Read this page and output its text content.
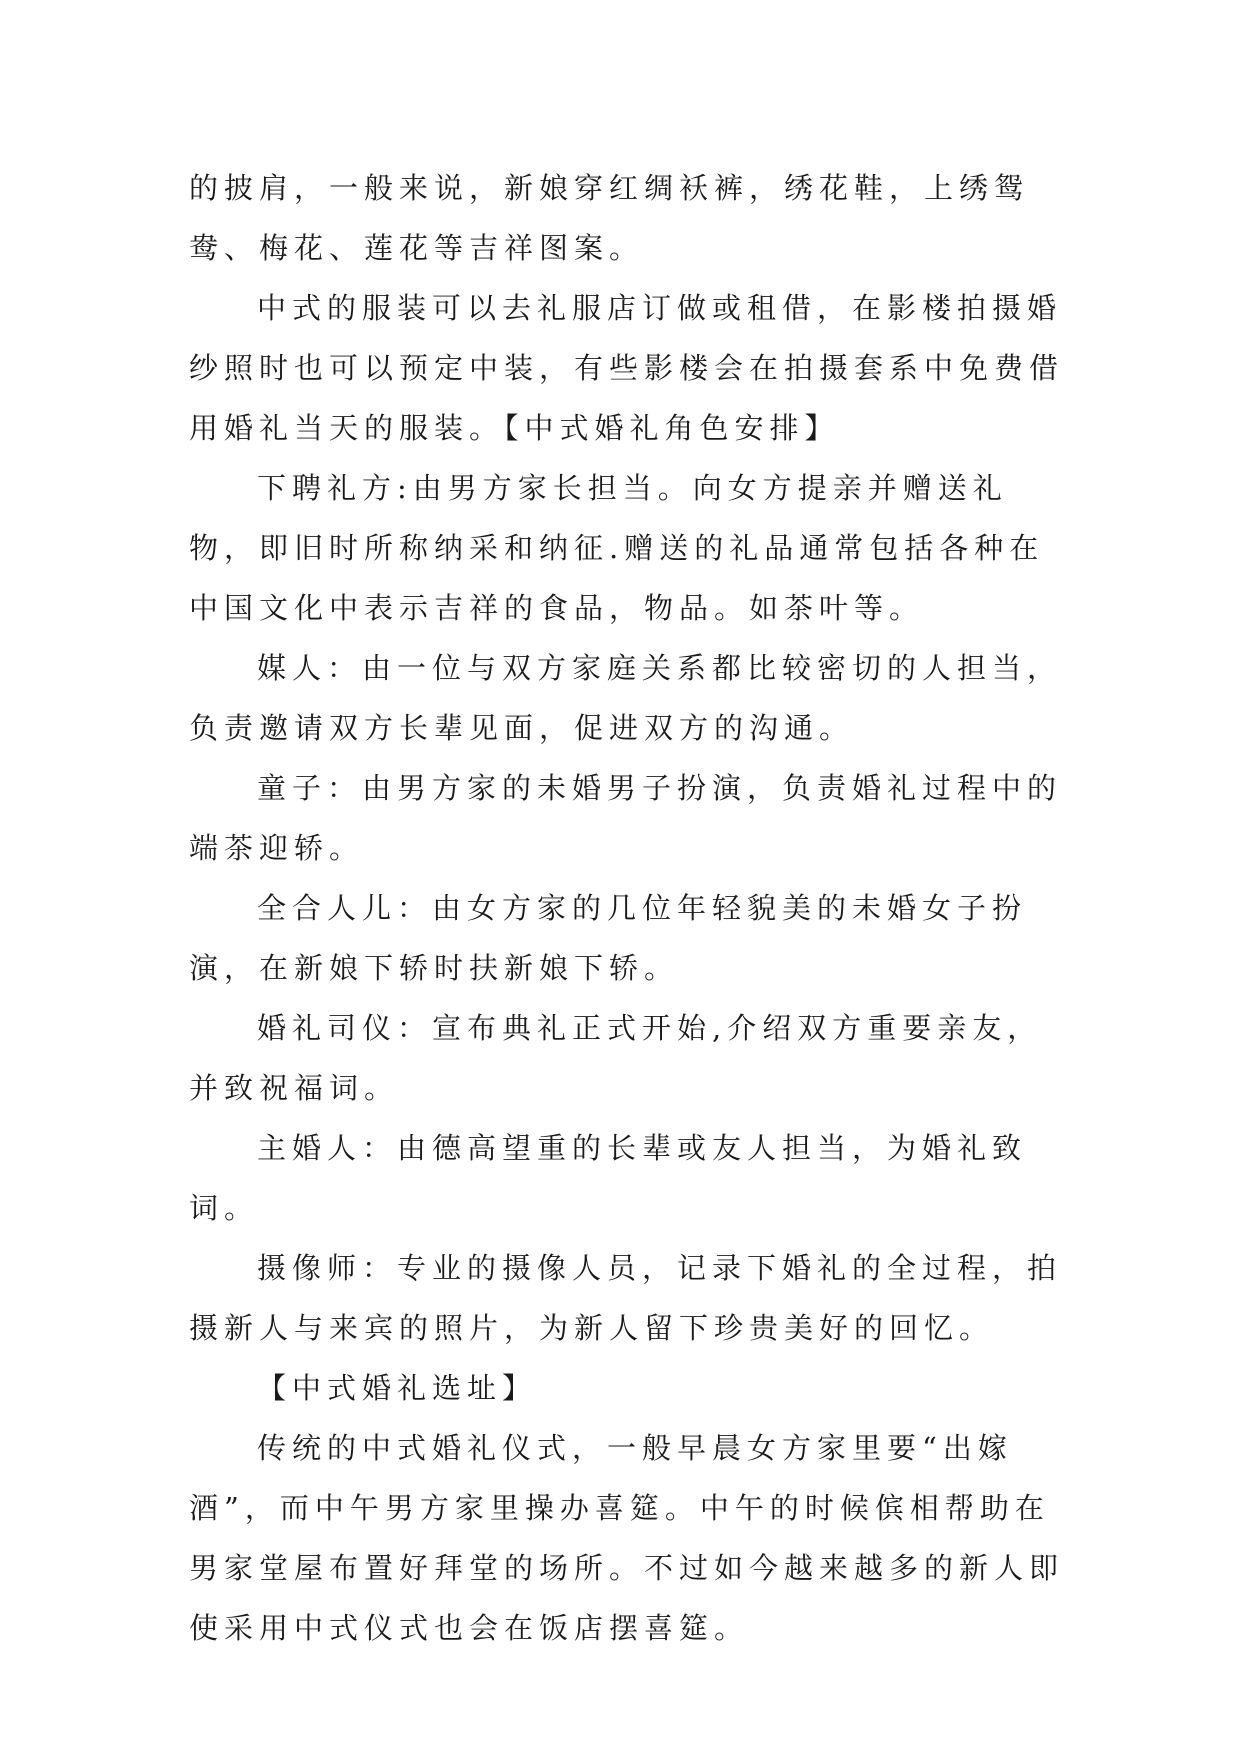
的披肩，一般来说，新娘穿红绸袄裤，绣花鞋，上绣鸳鸯、梅花、莲花等吉祥图案。

中式的服装可以去礼服店订做或租借，在影楼拍摄婚纱照时也可以预定中装，有些影楼会在拍摄套系中免费借用婚礼当天的服装。【中式婚礼角色安排】

下聘礼方:由男方家长担当。向女方提亲并赠送礼物，即旧时所称纳采和纳征.赠送的礼品通常包括各种在中国文化中表示吉祥的食品，物品。如茶叶等。

媒人：由一位与双方家庭关系都比较密切的人担当，负责邀请双方长辈见面，促进双方的沟通。

童子：由男方家的未婚男子扮演，负责婚礼过程中的端茶迎轿。

全合人儿：由女方家的几位年轻貌美的未婚女子扮演，在新娘下轿时扶新娘下轿。

婚礼司仪：宣布典礼正式开始,介绍双方重要亲友，并致祝福词。

主婚人：由德高望重的长辈或友人担当，为婚礼致词。

摄像师：专业的摄像人员，记录下婚礼的全过程，拍摄新人与来宾的照片，为新人留下珍贵美好的回忆。

【中式婚礼选址】

传统的中式婚礼仪式，一般早晨女方家里要“出嫁酒”，而中午男方家里操办喜筵。中午的时候傧相帮助在男家堂屋布置好拜堂的场所。不过如今越来越多的新人即使采用中式仪式也会在饭店摆喜筵。
